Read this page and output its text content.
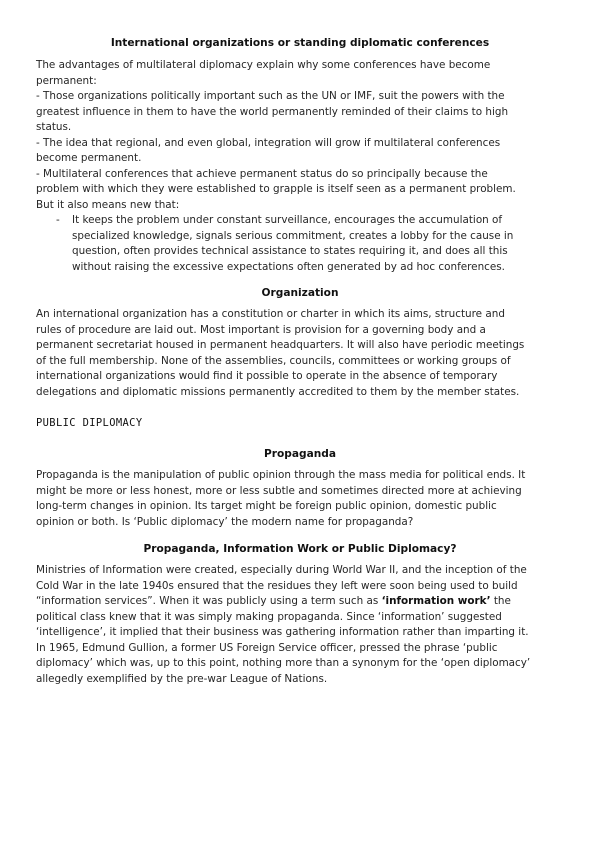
International organizations or standing diplomatic conferences
The advantages of multilateral diplomacy explain why some conferences have become
permanent:
- Those organizations politically important such as the UN or IMF, suit the powers with the
greatest influence in them to have the world permanently reminded of their claims to high
status.
- The idea that regional, and even global, integration will grow if multilateral conferences
become permanent.
- Multilateral conferences that achieve permanent status do so principally because the
problem with which they were established to grapple is itself seen as a permanent problem.
But it also means new that:
- It keeps the problem under constant surveillance, encourages the accumulation of
specialized knowledge, signals serious commitment, creates a lobby for the cause in
question, often provides technical assistance to states requiring it, and does all this
without raising the excessive expectations often generated by ad hoc conferences.
Organization
An international organization has a constitution or charter in which its aims, structure and
rules of procedure are laid out. Most important is provision for a governing body and a
permanent secretariat housed in permanent headquarters. It will also have periodic meetings
of the full membership. None of the assemblies, councils, committees or working groups of
international organizations would find it possible to operate in the absence of temporary
delegations and diplomatic missions permanently accredited to them by the member states.
PUBLIC DIPLOMACY
Propaganda
Propaganda is the manipulation of public opinion through the mass media for political ends. It
might be more or less honest, more or less subtle and sometimes directed more at achieving
long-term changes in opinion. Its target might be foreign public opinion, domestic public
opinion or both. Is ‘Public diplomacy’ the modern name for propaganda?
Propaganda, Information Work or Public Diplomacy?
Ministries of Information were created, especially during World War II, and the inception of the
Cold War in the late 1940s ensured that the residues they left were soon being used to build
“information services”. When it was publicly using a term such as ‘information work’ the
political class knew that it was simply making propaganda. Since ‘information’ suggested
‘intelligence’, it implied that their business was gathering information rather than imparting it.
In 1965, Edmund Gullion, a former US Foreign Service officer, pressed the phrase ‘public
diplomacy’ which was, up to this point, nothing more than a synonym for the ‘open diplomacy’
allegedly exemplified by the pre-war League of Nations.
